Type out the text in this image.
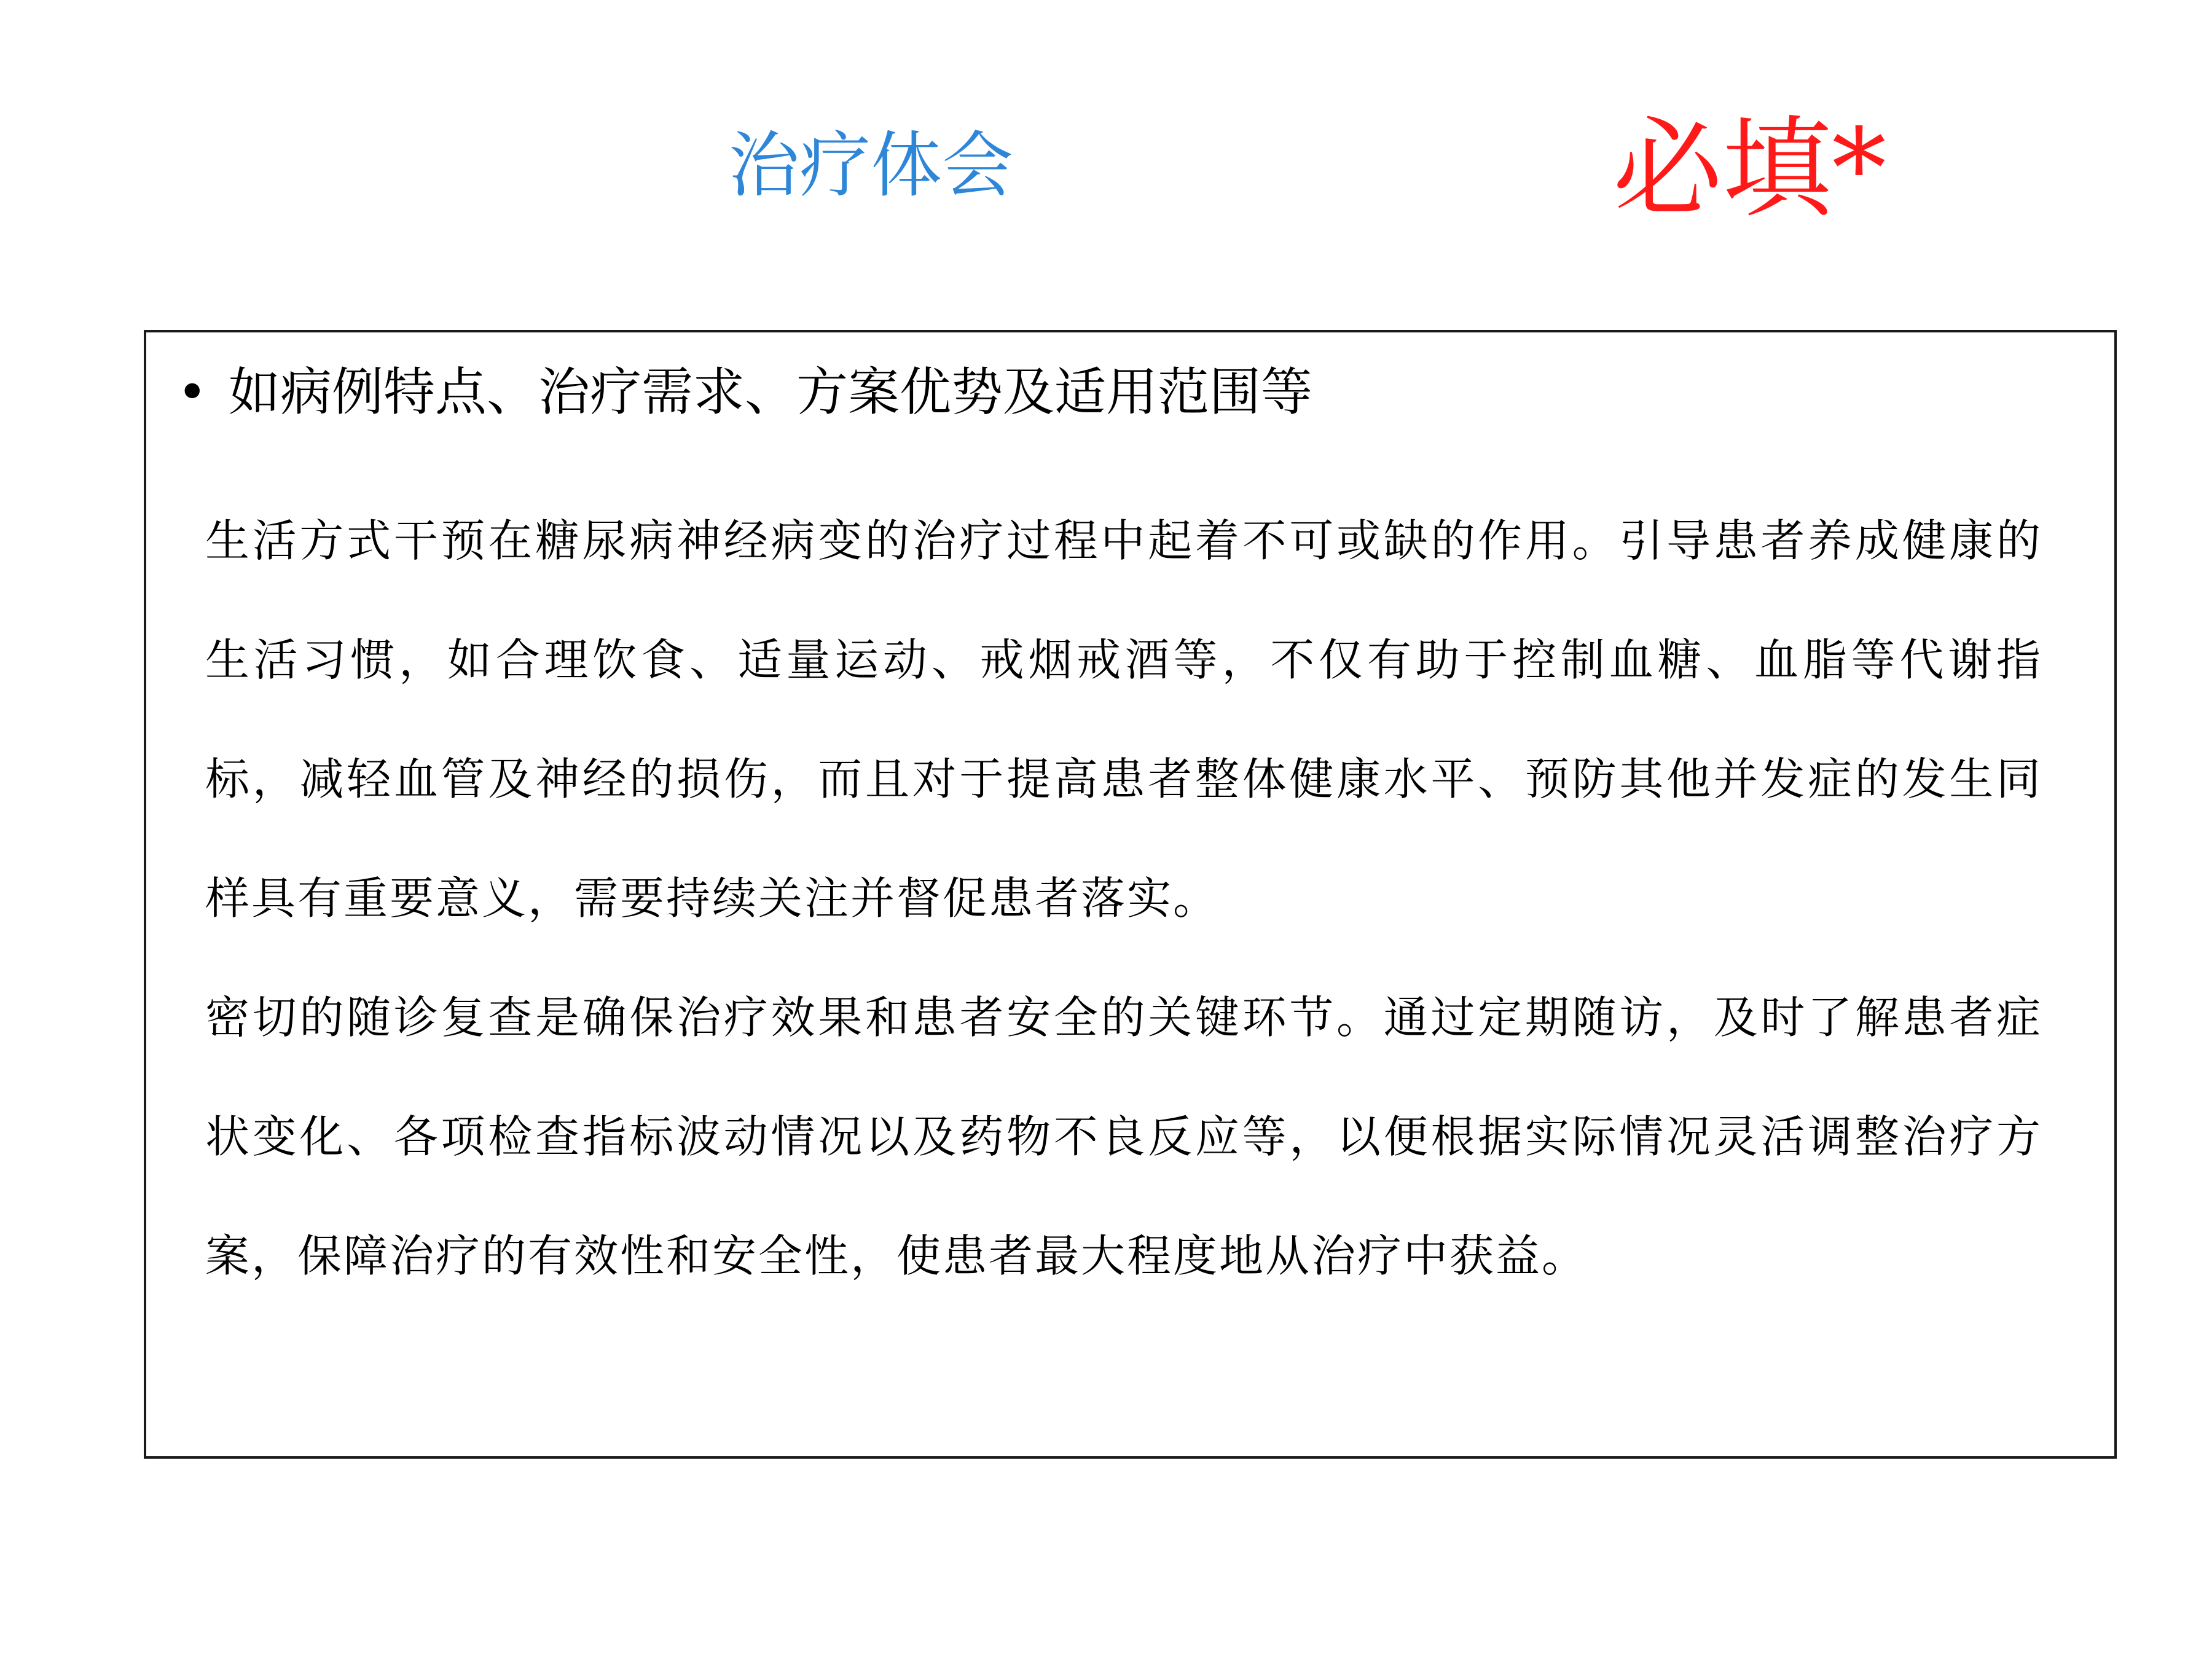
治疗体会	必填*
• 如病例特点、治疗需求、方案优势及适用范围等

生活方式干预在糖尿病神经病变的治疗过程中起着不可或缺的作用。引导患者养成健康的生活习惯，如合理饮食、适量运动、戒烟戒酒等，不仅有助于控制血糖、血脂等代谢指标，减轻血管及神经的损伤，而且对于提高患者整体健康水平、预防其他并发症的发生同样具有重要意义，需要持续关注并督促患者落实。

密切的随诊复查是确保治疗效果和患者安全的关键环节。通过定期随访，及时了解患者症状变化、各项检查指标波动情况以及药物不良反应等，以便根据实际情况灵活调整治疗方案，保障治疗的有效性和安全性，使患者最大程度地从治疗中获益。
